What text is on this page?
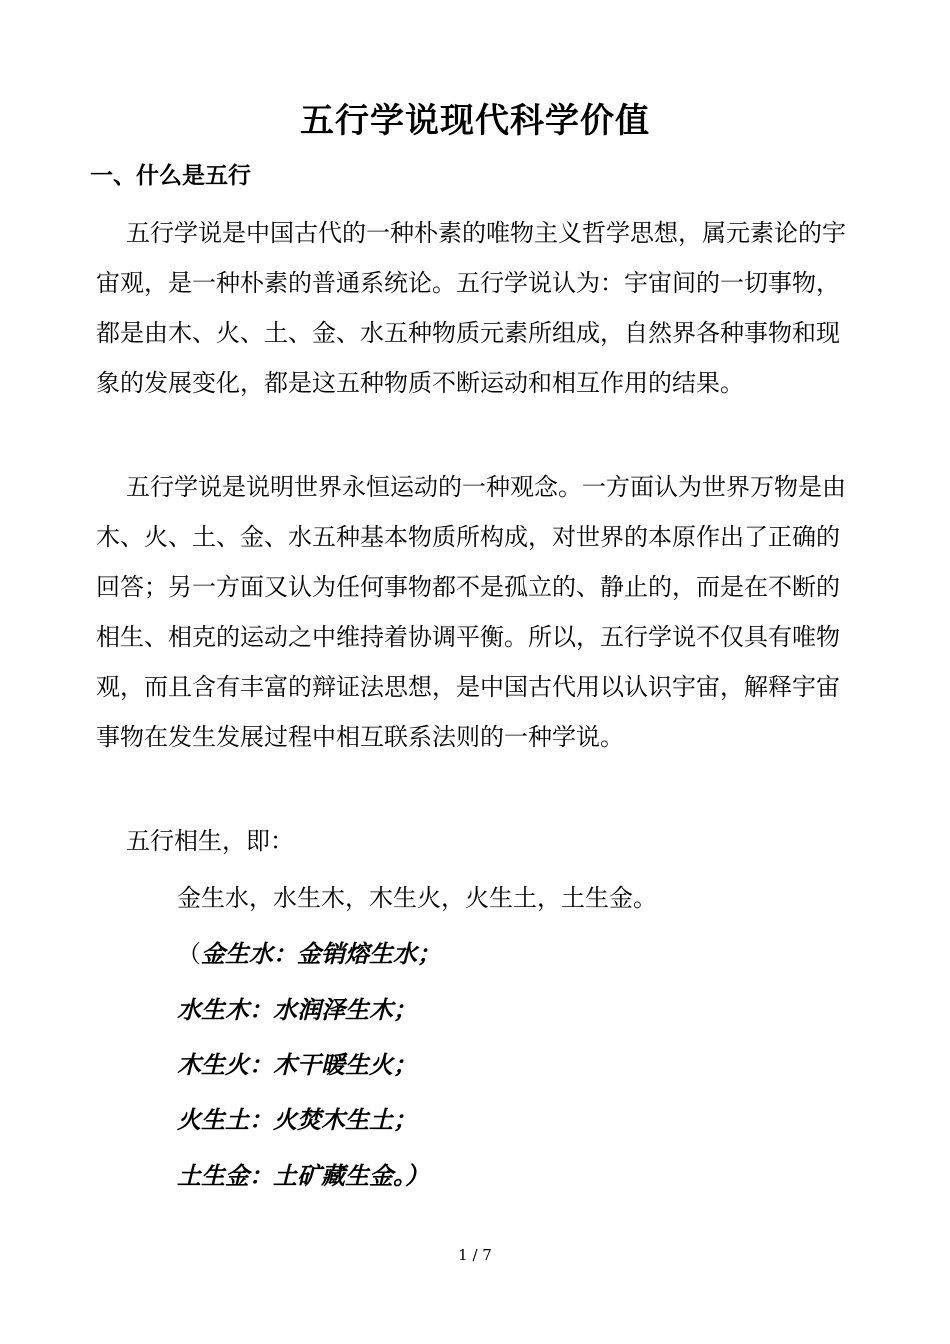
五行学说现代科学价值
一、什么是五行

五行学说是中国古代的一种朴素的唯物主义哲学思想，属元素论的宇宙观，是一种朴素的普通系统论。五行学说认为：宇宙间的一切事物，都是由木、火、土、金、水五种物质元素所组成，自然界各种事物和现象的发展变化，都是这五种物质不断运动和相互作用的结果。

五行学说是说明世界永恒运动的一种观念。一方面认为世界万物是由木、火、土、金、水五种基本物质所构成，对世界的本原作出了正确的回答；另一方面又认为任何事物都不是孤立的、静止的，而是在不断的相生、相克的运动之中维持着协调平衡。所以，五行学说不仅具有唯物观，而且含有丰富的辩证法思想，是中国古代用以认识宇宙，解释宇宙事物在发生发展过程中相互联系法则的一种学说。

五行相生，即：

金生水，水生木，木生火，火生土，土生金。
（金生水：金销熔生水；
水生木：水润泽生木；
木生火：木干暖生火；
火生土：火焚木生土；
土生金：土矿藏生金。）
1 / 7
